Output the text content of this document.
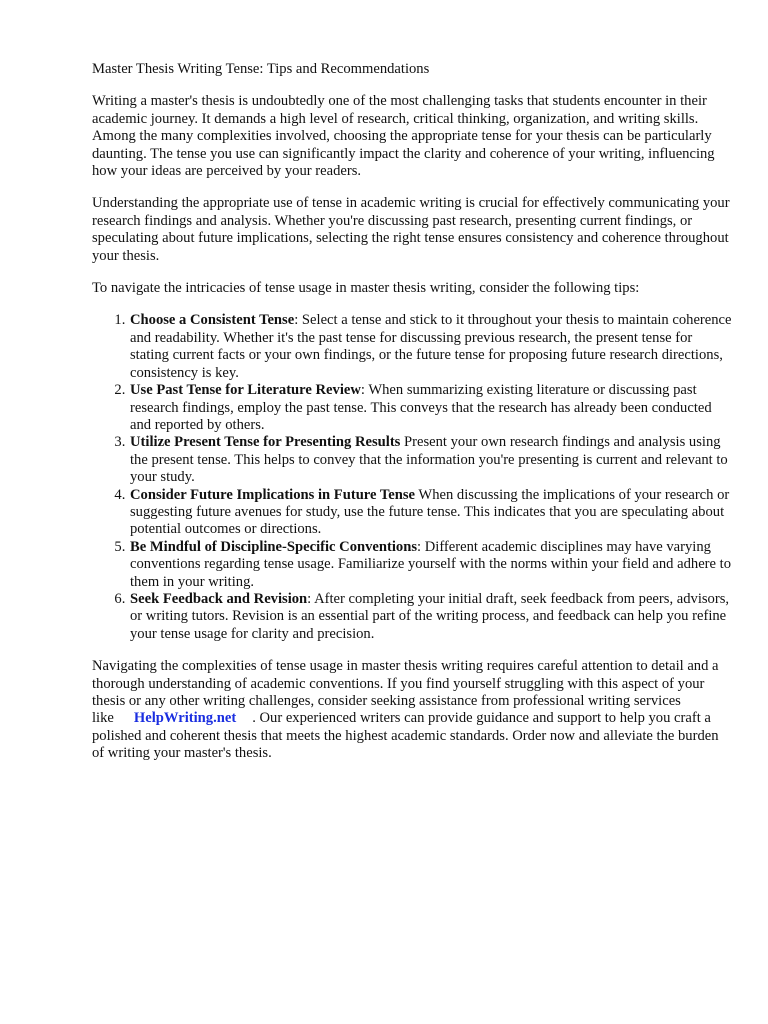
Master Thesis Writing Tense: Tips and Recommendations

Writing a master's thesis is undoubtedly one of the most challenging tasks that students encounter in their academic journey. It demands a high level of research, critical thinking, organization, and writing skills. Among the many complexities involved, choosing the appropriate tense for your thesis can be particularly daunting. The tense you use can significantly impact the clarity and coherence of your writing, influencing how your ideas are perceived by your readers.

Understanding the appropriate use of tense in academic writing is crucial for effectively communicating your research findings and analysis. Whether you're discussing past research, presenting current findings, or speculating about future implications, selecting the right tense ensures consistency and coherence throughout your thesis.

To navigate the intricacies of tense usage in master thesis writing, consider the following tips:

1. Choose a Consistent Tense: Select a tense and stick to it throughout your thesis to maintain coherence and readability. Whether it's the past tense for discussing previous research, the present tense for stating current facts or your own findings, or the future tense for proposing future research directions, consistency is key.
2. Use Past Tense for Literature Review: When summarizing existing literature or discussing past research findings, employ the past tense. This conveys that the research has already been conducted and reported by others.
3. Utilize Present Tense for Presenting Results Present your own research findings and analysis using the present tense. This helps to convey that the information you're presenting is current and relevant to your study.
4. Consider Future Implications in Future Tense When discussing the implications of your research or suggesting future avenues for study, use the future tense. This indicates that you are speculating about potential outcomes or directions.
5. Be Mindful of Discipline-Specific Conventions: Different academic disciplines may have varying conventions regarding tense usage. Familiarize yourself with the norms within your field and adhere to them in your writing.
6. Seek Feedback and Revision: After completing your initial draft, seek feedback from peers, advisors, or writing tutors. Revision is an essential part of the writing process, and feedback can help you refine your tense usage for clarity and precision.

Navigating the complexities of tense usage in master thesis writing requires careful attention to detail and a thorough understanding of academic conventions. If you find yourself struggling with this aspect of your thesis or any other writing challenges, consider seeking assistance from professional writing services like HelpWriting.net . Our experienced writers can provide guidance and support to help you craft a polished and coherent thesis that meets the highest academic standards. Order now and alleviate the burden of writing your master's thesis.
